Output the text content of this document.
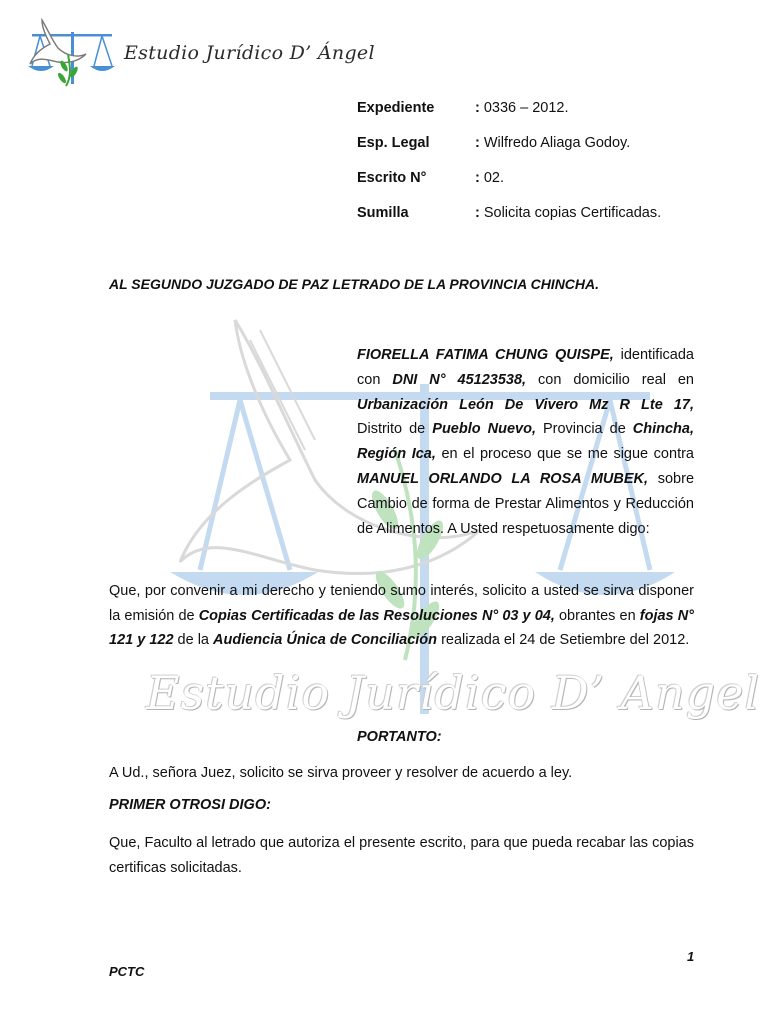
Estudio Jurídico D’ Angel
Estudio Jurídico D’ Ángel
Expediente	: 0336 – 2012.
Esp. Legal	: Wilfredo Aliaga Godoy.
Escrito N°	: 02.
Sumilla	: Solicita copias Certificadas.
AL SEGUNDO JUZGADO DE PAZ LETRADO DE LA PROVINCIA CHINCHA.
FIORELLA FATIMA CHUNG QUISPE, identificada con DNI N° 45123538, con domicilio real en Urbanización León De Vivero Mz R Lte 17, Distrito de Pueblo Nuevo, Provincia de Chincha, Región Ica, en el proceso que se me sigue contra MANUEL ORLANDO LA ROSA MUBEK, sobre Cambio de forma de Prestar Alimentos y Reducción de Alimentos. A Usted respetuosamente digo:
Que, por convenir a mi derecho y teniendo sumo interés, solicito a usted se sirva disponer la emisión de Copias Certificadas de las Resoluciones N° 03 y 04, obrantes en fojas N° 121 y 122 de la Audiencia Única de Conciliación realizada el 24 de Setiembre del 2012.
PORTANTO:
A Ud., señora Juez, solicito se sirva proveer y resolver de acuerdo a ley.
PRIMER OTROSI DIGO:
Que, Faculto al letrado que autoriza el presente escrito, para que pueda recabar las copias certificas solicitadas.
1
PCTC
